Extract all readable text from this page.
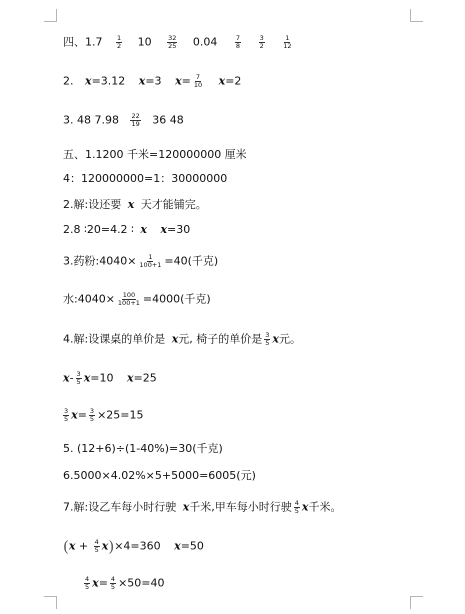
四、$1.7 \frac{1}{2} 10 \frac{32}{25} 0.04$	$\frac{7}{8}$
	$\frac{3}{2}$
	$\frac{1}{12}$
2. x=3.12 x=3 $x= \frac{7}{10} x=2$
3. 48 $7.98 \frac{22}{19} 36$ 48
五、1.1200 千米=120000000 厘米
4：120000000=1：30000000
2.解:设还要 x 天才能铺完。
2.8 ∶20=4.2 ∶ x x=30
3.药粉:4040× $\frac{1}{100+1} =40$(千克)
水:4040× $\frac{100}{100+1} =4000$(千克)
4.解:设课桌的单价是 x元, 椅子的单价是 $\frac{3}{5}$ x元。
$x- \frac{3}{5} x=10$ x=25
$\frac{3}{5} x= \frac{3}{5} \times 25=15$
5. (12+6)÷(1-40%)=30(千克)
6.5000×4.02%×5+5000=6005(元)
7.解:设乙车每小时行驶 x千米,甲车每小时行驶 $\frac{4}{5}$ x千米。
$(x + \frac{4}{5} x)\times 4=360$ x=50
$\frac{4}{5} x= \frac{4}{5} \times 50=40$
